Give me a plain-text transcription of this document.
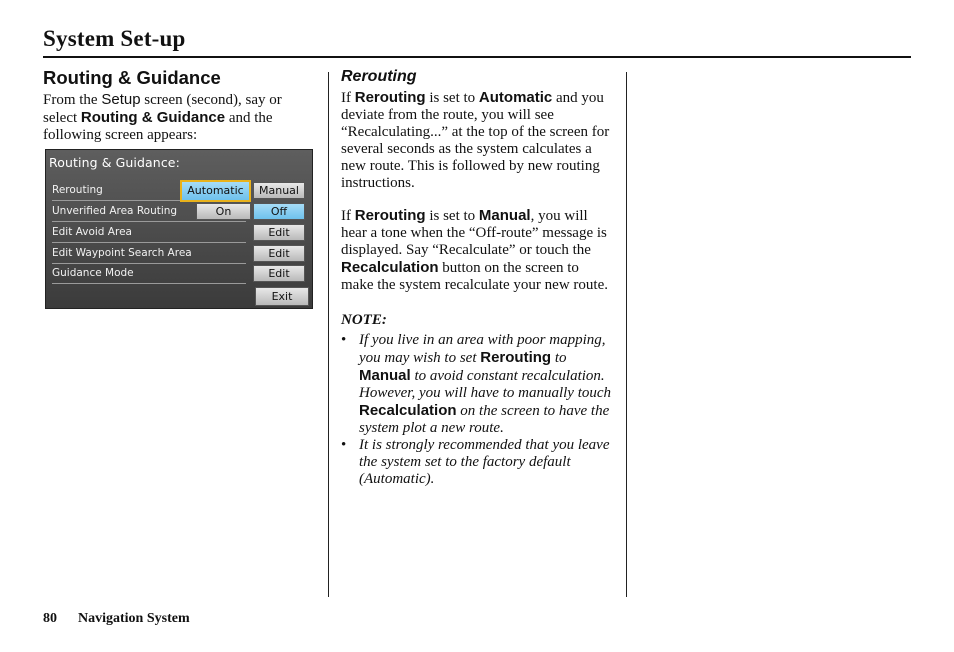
System Set-up
Routing & Guidance
From the Setup screen (second), say or select Routing & Guidance and the following screen appears:
Routing & Guidance:
Rerouting
Unverified Area Routing
Edit Avoid Area
Edit Waypoint Search Area
Guidance Mode
Automatic	Manual
On	Off
Edit
Edit
Edit
Exit
Rerouting

If Rerouting is set to Automatic and you deviate from the route, you will see “Recalculating...” at the top of the screen for several seconds as the system calculates a new route. This is followed by new routing instructions.

If Rerouting is set to Manual, you will hear a tone when the “Off-route” message is displayed. Say “Recalculate” or touch the Recalculation button on the screen to make the system recalculate your new route.

NOTE:
• If you live in an area with poor mapping, you may wish to set Rerouting to Manual to avoid constant recalculation. However, you will have to manually touch Recalculation on the screen to have the system plot a new route.
• It is strongly recommended that you leave the system set to the factory default (Automatic).
80 Navigation System
